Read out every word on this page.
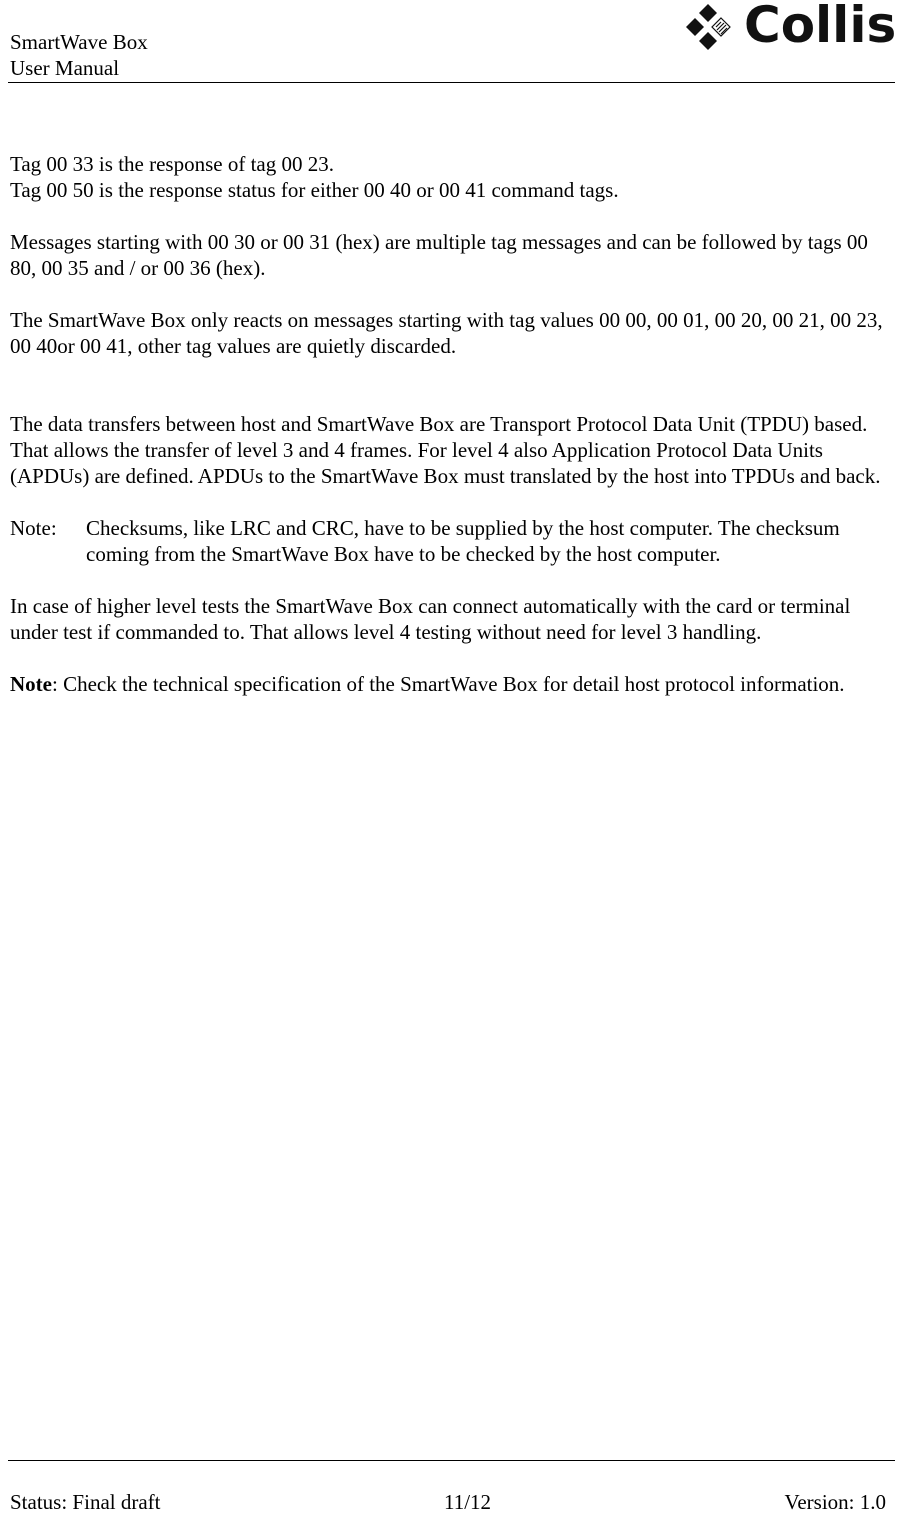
SmartWave Box
User Manual
Collis

Tag 00 33 is the response of tag 00 23.

Tag 00 50 is the response status for either 00 40 or 00 41 command tags.

Messages starting with 00 30 or 00 31 (hex) are multiple tag messages and can be followed by tags 00 80, 00 35 and / or 00 36 (hex).

The SmartWave Box only reacts on messages starting with tag values 00 00, 00 01, 00 20, 00 21, 00 23, 00 40or 00 41, other tag values are quietly discarded.

The data transfers between host and SmartWave Box are Transport Protocol Data Unit (TPDU) based. That allows the transfer of level 3 and 4 frames. For level 4 also Application Protocol Data Units (APDUs) are defined. APDUs to the SmartWave Box must translated by the host into TPDUs and back.

Note:	Checksums, like LRC and CRC, have to be supplied by the host computer. The checksum coming from the SmartWave Box have to be checked by the host computer.

In case of higher level tests the SmartWave Box can connect automatically with the card or terminal under test if commanded to. That allows level 4 testing without need for level 3 handling.

Note: Check the technical specification of the SmartWave Box for detail host protocol information.

Status: Final draft	11/12	Version: 1.0
